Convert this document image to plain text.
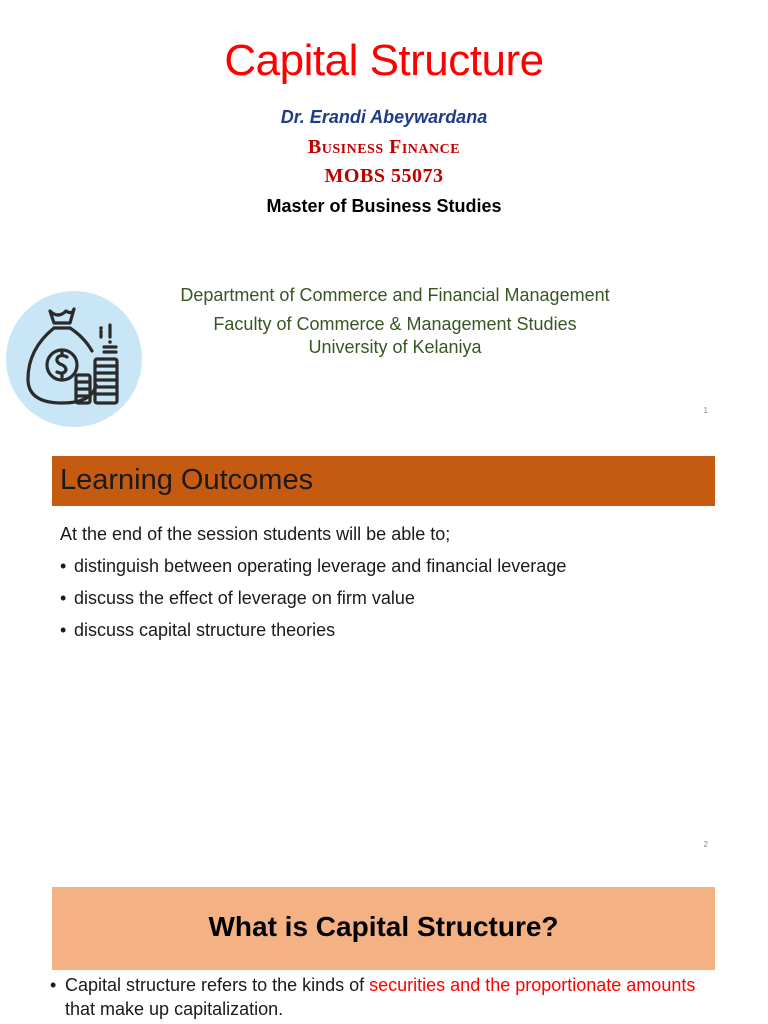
Capital Structure
Dr. Erandi Abeywardana
Business Finance
MOBS 55073
Master of Business Studies
Department of Commerce and Financial Management
Faculty of Commerce & Management Studies
University of Kelaniya
1
Learning Outcomes
At the end of the session students will be able to;
• distinguish between operating leverage and financial leverage
• discuss the effect of leverage on firm value
• discuss capital structure theories
2
What is Capital Structure?
• Capital structure refers to the kinds of securities and the proportionate amounts that make up capitalization.
